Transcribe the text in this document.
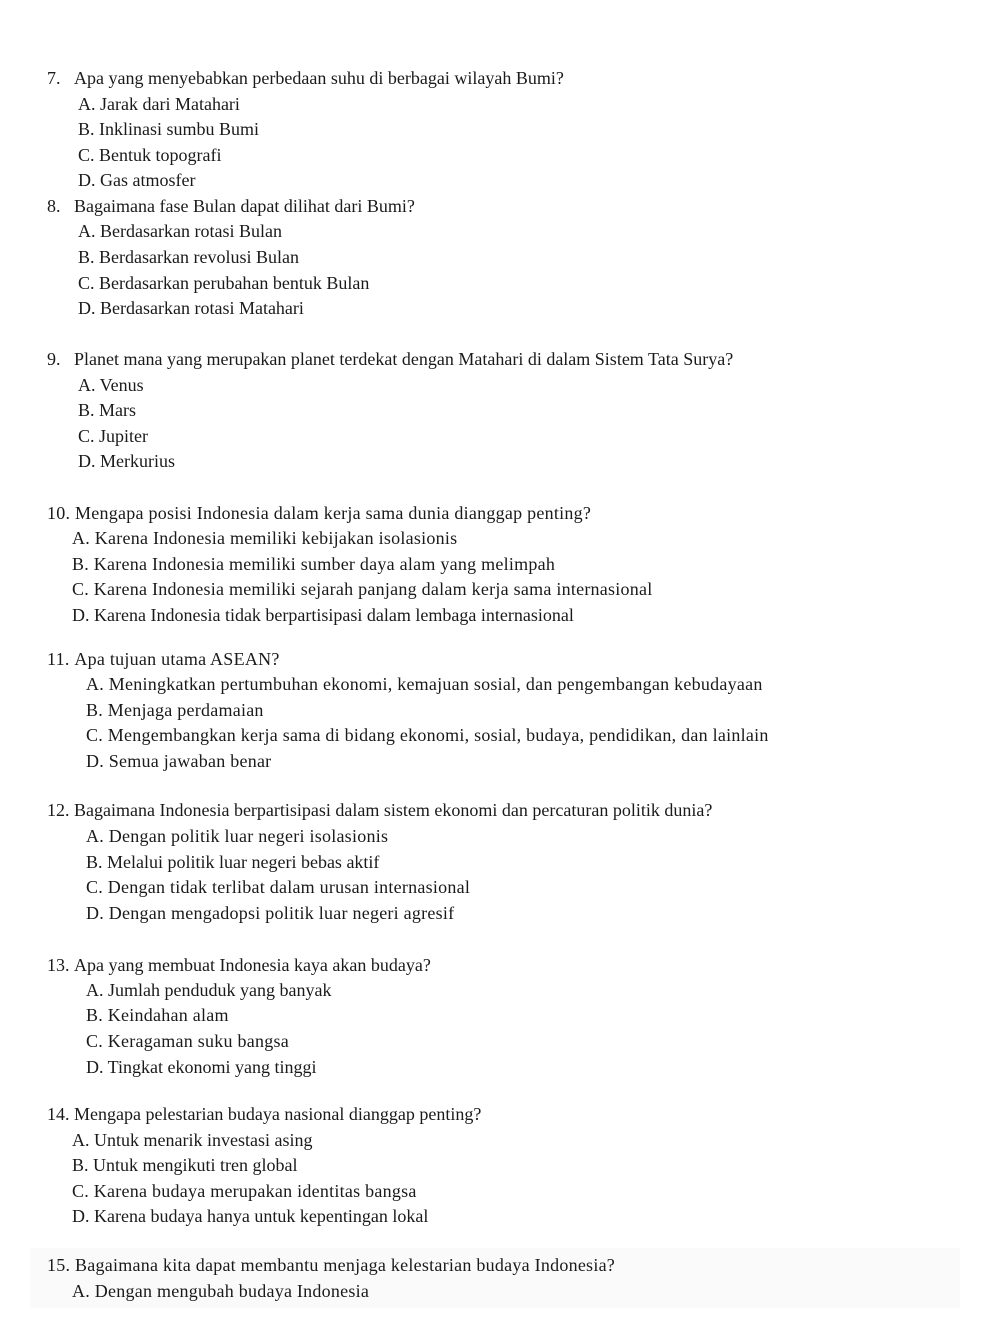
7. Apa yang menyebabkan perbedaan suhu di berbagai wilayah Bumi?
A. Jarak dari Matahari
B. Inklinasi sumbu Bumi
C. Bentuk topografi
D. Gas atmosfer
8. Bagaimana fase Bulan dapat dilihat dari Bumi?
A. Berdasarkan rotasi Bulan
B. Berdasarkan revolusi Bulan
C. Berdasarkan perubahan bentuk Bulan
D. Berdasarkan rotasi Matahari
9. Planet mana yang merupakan planet terdekat dengan Matahari di dalam Sistem Tata Surya?
A. Venus
B. Mars
C. Jupiter
D. Merkurius
10. Mengapa posisi Indonesia dalam kerja sama dunia dianggap penting?
A. Karena Indonesia memiliki kebijakan isolasionis
B. Karena Indonesia memiliki sumber daya alam yang melimpah
C. Karena Indonesia memiliki sejarah panjang dalam kerja sama internasional
D. Karena Indonesia tidak berpartisipasi dalam lembaga internasional
11. Apa tujuan utama ASEAN?
A. Meningkatkan pertumbuhan ekonomi, kemajuan sosial, dan pengembangan kebudayaan
B. Menjaga perdamaian
C. Mengembangkan kerja sama di bidang ekonomi, sosial, budaya, pendidikan, dan lainlain
D. Semua jawaban benar
12. Bagaimana Indonesia berpartisipasi dalam sistem ekonomi dan percaturan politik dunia?
A. Dengan politik luar negeri isolasionis
B. Melalui politik luar negeri bebas aktif
C. Dengan tidak terlibat dalam urusan internasional
D. Dengan mengadopsi politik luar negeri agresif
13. Apa yang membuat Indonesia kaya akan budaya?
A. Jumlah penduduk yang banyak
B. Keindahan alam
C. Keragaman suku bangsa
D. Tingkat ekonomi yang tinggi
14. Mengapa pelestarian budaya nasional dianggap penting?
A. Untuk menarik investasi asing
B. Untuk mengikuti tren global
C. Karena budaya merupakan identitas bangsa
D. Karena budaya hanya untuk kepentingan lokal
15. Bagaimana kita dapat membantu menjaga kelestarian budaya Indonesia?
A. Dengan mengubah budaya Indonesia
